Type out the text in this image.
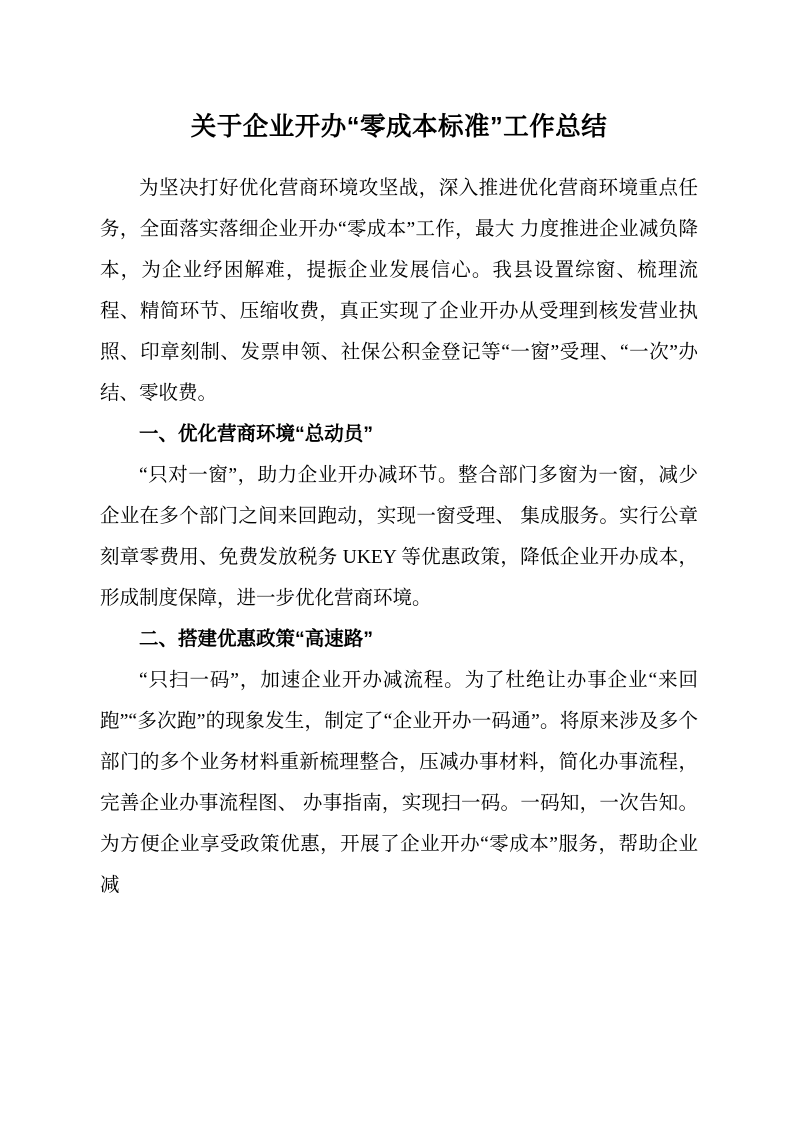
关于企业开办“零成本标准”工作总结

为坚决打好优化营商环境攻坚战，深入推进优化营商环境重点任务，全面落实落细企业开办“零成本”工作，最大 力度推进企业减负降本，为企业纾困解难，提振企业发展信心。我县设置综窗、梳理流程、精简环节、压缩收费，真正实现了企业开办从受理到核发营业执照、印章刻制、发票申领、社保公积金登记等“一窗”受理、“一次”办结、零收费。

一、优化营商环境“总动员”

“只对一窗”，助力企业开办减环节。整合部门多窗为一窗，减少企业在多个部门之间来回跑动，实现一窗受理、 集成服务。实行公章刻章零费用、免费发放税务 UKEY 等优惠政策，降低企业开办成本，形成制度保障，进一步优化营商环境。

二、搭建优惠政策“高速路”

“只扫一码”，加速企业开办减流程。为了杜绝让办事企业“来回跑”“多次跑”的现象发生，制定了“企业开办一码通”。将原来涉及多个部门的多个业务材料重新梳理整合，压减办事材料，简化办事流程，完善企业办事流程图、 办事指南，实现扫一码。一码知，一次告知。为方便企业享受政策优惠，开展了企业开办“零成本”服务，帮助企业减
